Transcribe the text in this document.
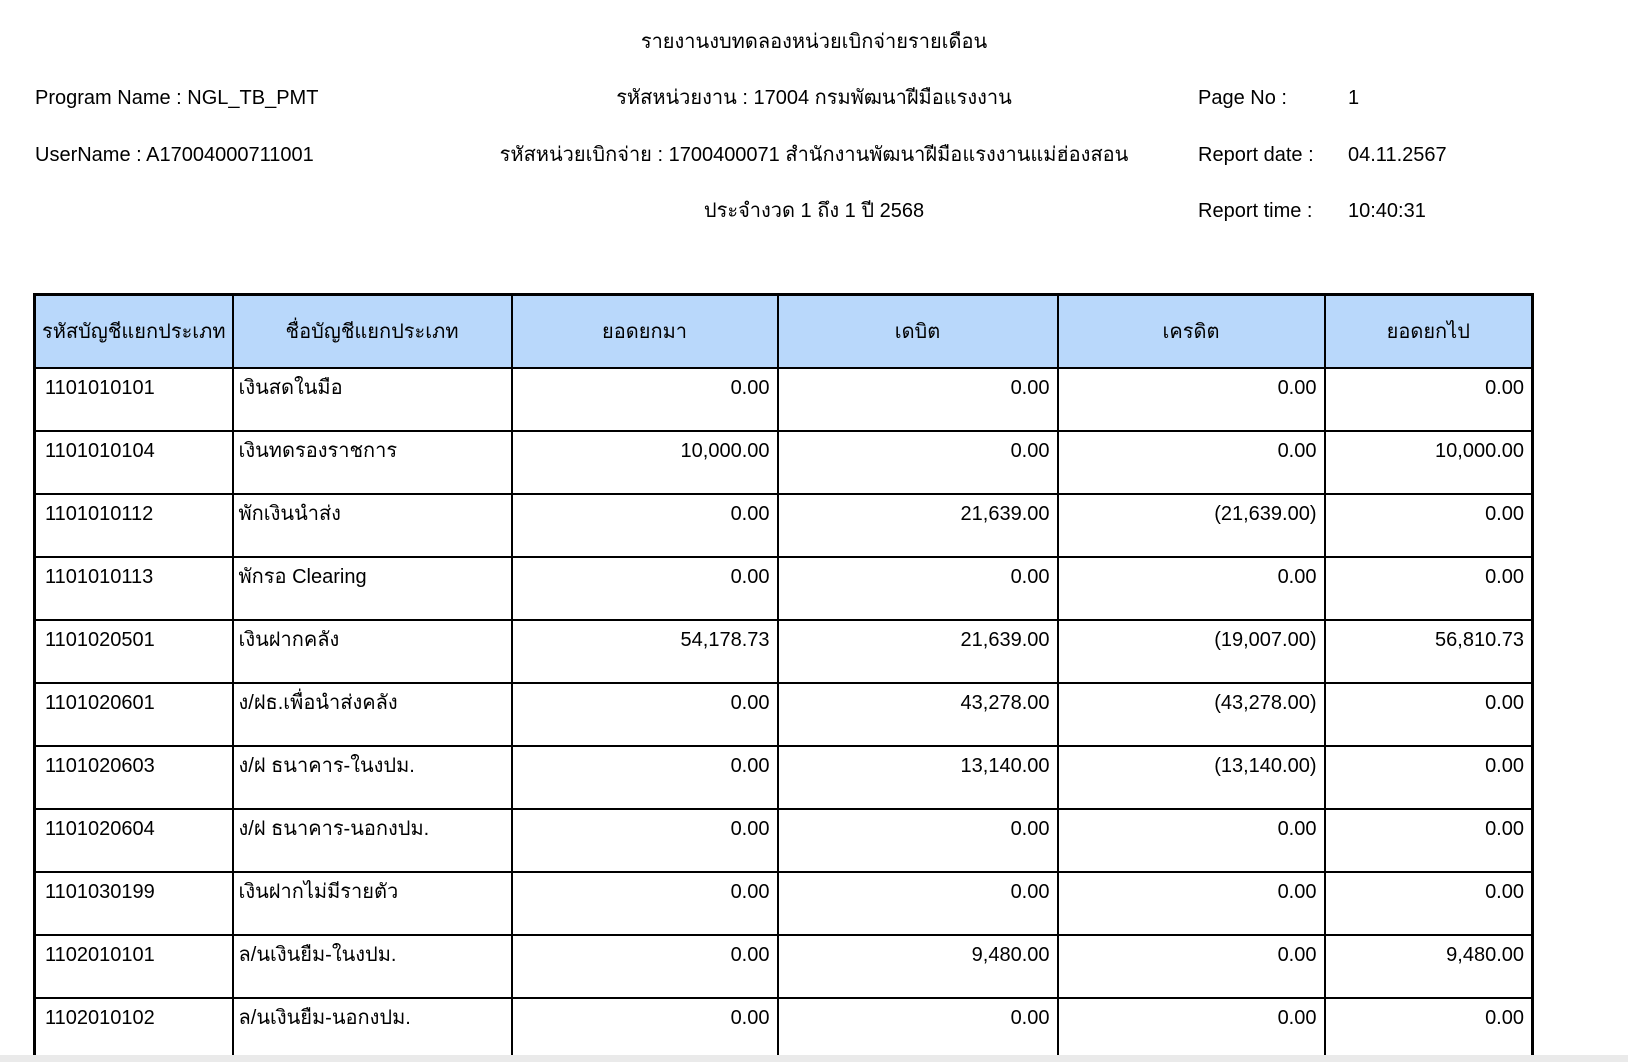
รายงานงบทดลองหน่วยเบิกจ่ายรายเดือน
Program Name : NGL_TB_PMT	รหัสหน่วยงาน : 17004 กรมพัฒนาฝีมือแรงงาน	Page No :	1
UserName : A17004000711001	รหัสหน่วยเบิกจ่าย : 1700400071 สำนักงานพัฒนาฝีมือแรงงานแม่ฮ่องสอน	Report date : 04.11.2567
ประจำงวด 1 ถึง 1 ปี 2568	Report time : 10:40:31
รหัสบัญชีแยกประเภท	ชื่อบัญชีแยกประเภท	ยอดยกมา	เดบิต	เครดิต	ยอดยกไป
1101010101	เงินสดในมือ	0.00	0.00	0.00	0.00
1101010104	เงินทดรองราชการ	10,000.00	0.00	0.00	10,000.00
1101010112	พักเงินนำส่ง	0.00	21,639.00	(21,639.00)	0.00
1101010113	พักรอ Clearing	0.00	0.00	0.00	0.00
1101020501	เงินฝากคลัง	54,178.73	21,639.00	(19,007.00)	56,810.73
1101020601	ง/ฝธ.เพื่อนำส่งคลัง	0.00	43,278.00	(43,278.00)	0.00
1101020603	ง/ฝ ธนาคาร-ในงปม.	0.00	13,140.00	(13,140.00)	0.00
1101020604	ง/ฝ ธนาคาร-นอกงปม.	0.00	0.00	0.00	0.00
1101030199	เงินฝากไม่มีรายตัว	0.00	0.00	0.00	0.00
1102010101	ล/นเงินยืม-ในงปม.	0.00	9,480.00	0.00	9,480.00
1102010102	ล/นเงินยืม-นอกงปม.	0.00	0.00	0.00	0.00
